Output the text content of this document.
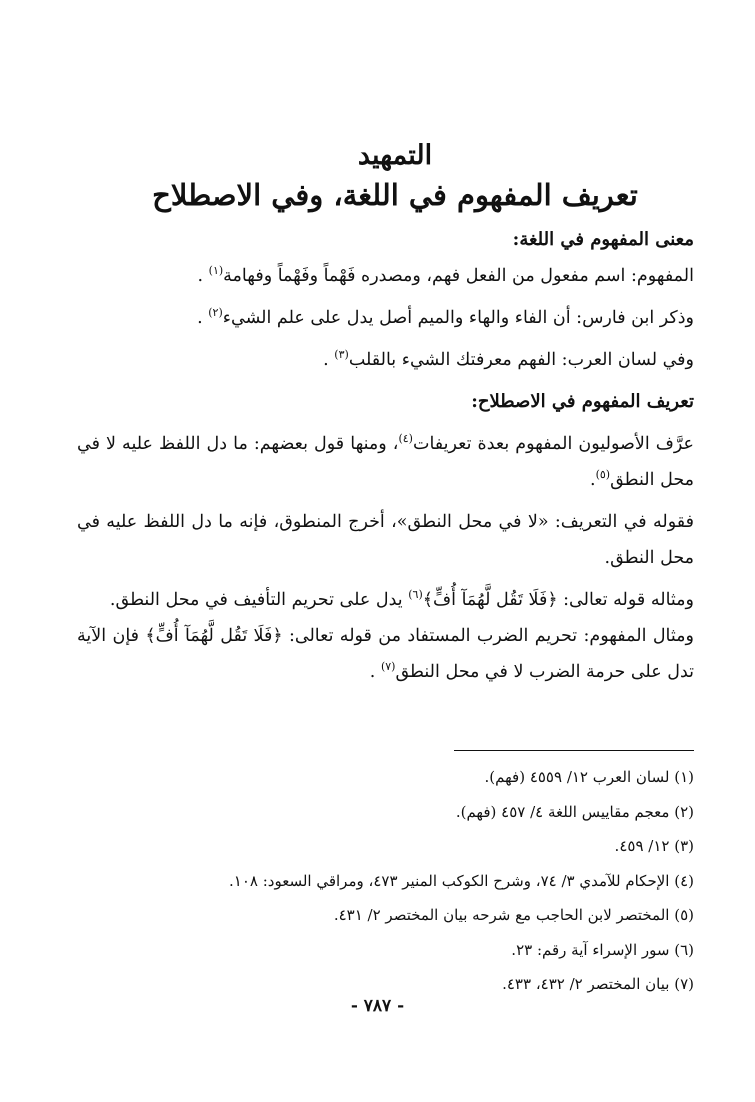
التمهيد
تعريف المفهوم في اللغة، وفي الاصطلاح

معنى المفهوم في اللغة:

المفهوم: اسم مفعول من الفعل فهم، ومصدره فَهْماً وفَهْماً وفهامة$^{(١)}$ .

وذكر ابن فارس: أن الفاء والهاء والميم أصل يدل على علم الشيء$^{(٢)}$ .

وفي لسان العرب: الفهم معرفتك الشيء بالقلب$^{(٣)}$ .

تعريف المفهوم في الاصطلاح:

عرَّف الأصوليون المفهوم بعدة تعريفات$^{(٤)}$، ومنها قول بعضهم: ما دل اللفظ عليه لا في محل النطق$^{(٥)}$.

فقوله في التعريف: «لا في محل النطق»، أخرج المنطوق، فإنه ما دل اللفظ عليه في محل النطق.

ومثاله قوله تعالى: ﴿فَلَا تَقُل لَّهُمَآ أُفٍّ﴾$^{(٦)}$ يدل على تحريم التأفيف في محل النطق.

ومثال المفهوم: تحريم الضرب المستفاد من قوله تعالى: ﴿فَلَا تَقُل لَّهُمَآ أُفٍّ﴾ فإن الآية تدل على حرمة الضرب لا في محل النطق$^{(٧)}$ .

(١) لسان العرب ١٢/ ٤٥٥٩ (فهم).

(٢) معجم مقاييس اللغة ٤/ ٤٥٧ (فهم).

(٣) ١٢/ ٤٥٩.

(٤) الإحكام للآمدي ٣/ ٧٤، وشرح الكوكب المنير ٤٧٣، ومراقي السعود: ١٠٨.

(٥) المختصر لابن الحاجب مع شرحه بيان المختصر ٢/ ٤٣١.

(٦) سور الإسراء آية رقم: ٢٣.

(٧) بيان المختصر ٢/ ٤٣٢، ٤٣٣.

- ٧٨٧ -
